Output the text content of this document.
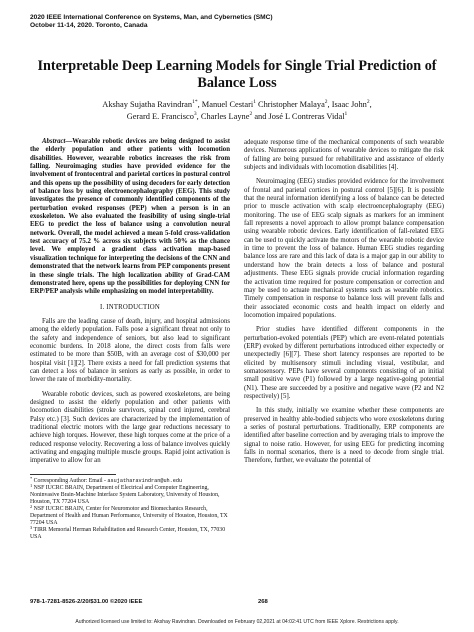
2020 IEEE International Conference on Systems, Man, and Cybernetics (SMC)
October 11-14, 2020. Toronto, Canada
Interpretable Deep Learning Models for Single Trial Prediction of
Balance Loss
Akshay Sujatha Ravindran$^{1*}$, Manuel Cestari$^1$ Christopher Malaya$^2$, Isaac John$^2$,
Gerard E. Francisco$^3$, Charles Layne$^2$ and José L Contreras Vidal$^1$

Abstract—Wearable robotic devices are being designed to assist the elderly population and other patients with locomotion disabilities. However, wearable robotics increases the risk from falling. Neuroimaging studies have provided evidence for the involvement of frontocentral and parietal cortices in postural control and this opens up the possibility of using decoders for early detection of balance loss by using electroencephalography (EEG). This study investigates the presence of commonly identified components of the perturbation evoked responses (PEP) when a person is in an exoskeleton. We also evaluated the feasibility of using single-trial EEG to predict the loss of balance using a convolution neural network. Overall, the model achieved a mean 5-fold cross-validation test accuracy of 75.2 % across six subjects with 50% as the chance level. We employed a gradient class activation map-based visualization technique for interpreting the decisions of the CNN and demonstrated that the network learns from PEP components present in these single trials. The high localization ability of Grad-CAM demonstrated here, opens up the possibilities for deploying CNN for ERP/PEP analysis while emphasizing on model interpretability.

I. INTRODUCTION

Falls are the leading cause of death, injury, and hospital admissions among the elderly population. Falls pose a significant threat not only to the safety and independence of seniors, but also lead to significant economic burdens. In 2018 alone, the direct costs from falls were estimated to be more than $50B, with an average cost of $30,000 per hospital visit [1][2]. There exists a need for fall prediction systems that can detect a loss of balance in seniors as early as possible, in order to lower the rate of morbidity-mortality.

Wearable robotic devices, such as powered exoskeletons, are being designed to assist the elderly population and other patients with locomotion disabilities (stroke survivors, spinal cord injured, cerebral Palsy etc.) [3]. Such devices are characterized by the implementation of traditional electric motors with the large gear reductions necessary to achieve high torques. However, these high torques come at the price of a reduced response velocity. Recovering a loss of balance involves quickly activating and engaging multiple muscle groups. Rapid joint activation is imperative to allow for an

* Corresponding Author: Email - asujatharavindran@uh.edu

$^1$ NSF IUCRC BRAIN, Department of Electrical and Computer Engineering, Noninvasive Brain-Machine Interface System Laboratory, University of Houston, Houston, TX 77204 USA

$^2$ NSF IUCRC BRAIN, Center for Neuromotor and Biomechanics Research, Department of Health and Human Performance, University of Houston, Houston, TX 77204 USA

$^3$ TIRR Memorial Herman Rehabilitation and Research Center, Houston, TX, 77030 USA

adequate response time of the mechanical components of such wearable devices. Numerous applications of wearable devices to mitigate the risk of falling are being pursued for rehabilitative and assistance of elderly subjects and individuals with locomotion disabilities [4].

Neuroimaging (EEG) studies provided evidence for the involvement of frontal and parietal cortices in postural control [5][6]. It is possible that the neural information identifying a loss of balance can be detected prior to muscle activation with scalp electroencephalography (EEG) monitoring. The use of EEG scalp signals as markers for an imminent fall represents a novel approach to allow prompt balance compensation using wearable robotic devices. Early identification of fall-related EEG can be used to quickly activate the motors of the wearable robotic device in time to prevent the loss of balance. Human EEG studies regarding balance loss are rare and this lack of data is a major gap in our ability to understand how the brain detects a loss of balance and postural adjustments. These EEG signals provide crucial information regarding the activation time required for posture compensation or correction and may be used to actuate mechanical systems such as wearable robotics. Timely compensation in response to balance loss will prevent falls and their associated economic costs and health impact on elderly and locomotion impaired populations.

Prior studies have identified different components in the perturbation-evoked potentials (PEP) which are event-related potentials (ERP) evoked by different perturbations introduced either expectedly or unexpectedly [6][7]. These short latency responses are reported to be elicited by multisensory stimuli including visual, vestibular, and somatosensory. PEPs have several components consisting of an initial small positive wave (P1) followed by a large negative-going potential (N1). These are succeeded by a positive and negative wave (P2 and N2 respectively) [5].

In this study, initially we examine whether these components are preserved in healthy able-bodied subjects who wore exoskeletons during a series of postural perturbations. Traditionally, ERP components are identified after baseline correction and by averaging trials to improve the signal to noise ratio. However, for using EEG for predicting incoming falls in normal scenarios, there is a need to decode from single trial. Therefore, further, we evaluate the potential of

978-1-7281-8526-2/20/$31.00 ©2020 IEEE	268
Authorized licensed use limited to: Akshay Ravindran. Downloaded on February 02,2021 at 04:02:41 UTC from IEEE Xplore. Restrictions apply.
